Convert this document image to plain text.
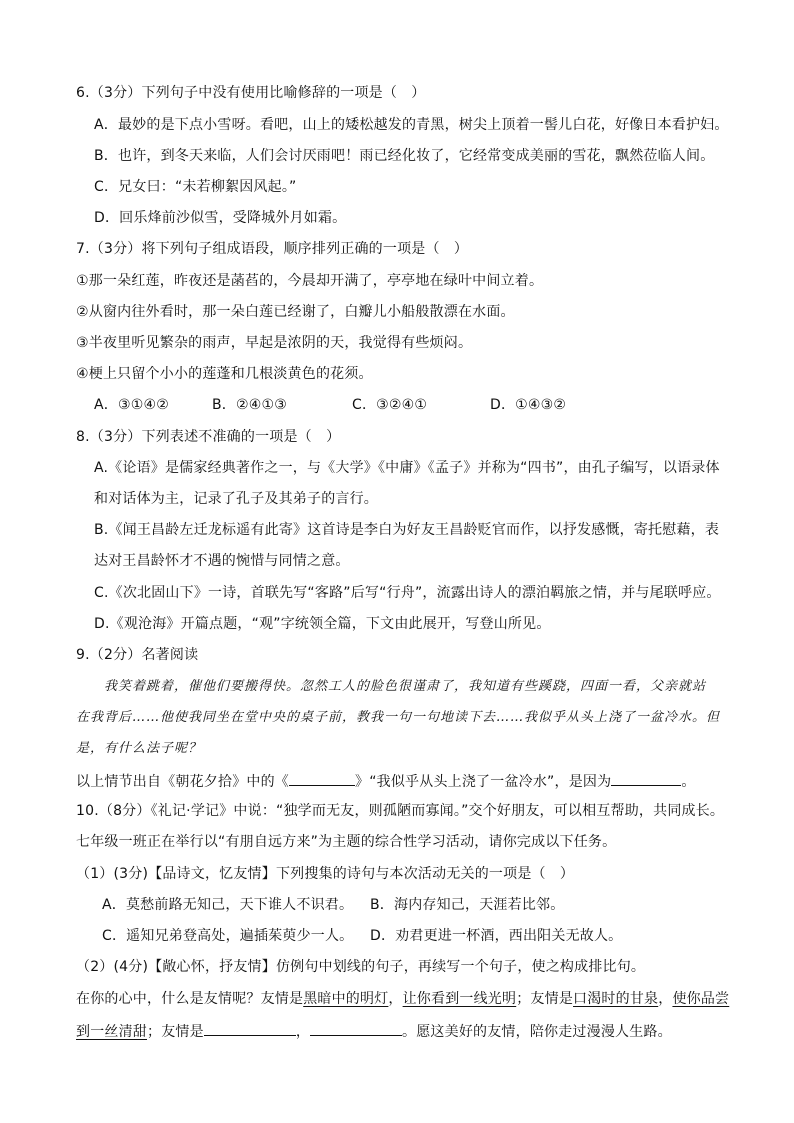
6.（3分）下列句子中没有使用比喻修辞的一项是（　）
A．最妙的是下点小雪呀。看吧，山上的矮松越发的青黑，树尖上顶着一髻儿白花，好像日本看护妇。
B．也许，到冬天来临，人们会讨厌雨吧！雨已经化妆了，它经常变成美丽的雪花，飘然莅临人间。
C．兄女曰：“未若柳絮因风起。”
D．回乐烽前沙似雪，受降城外月如霜。
7.（3分）将下列句子组成语段，顺序排列正确的一项是（　）
①那一朵红莲，昨夜还是菡萏的，今晨却开满了，亭亭地在绿叶中间立着。
②从窗内往外看时，那一朵白莲已经谢了，白瓣儿小船般散漂在水面。
③半夜里听见繁杂的雨声，早起是浓阴的天，我觉得有些烦闷。
④梗上只留个小小的莲蓬和几根淡黄色的花须。
A．③①④②	B．②④①③	C．③②④①	D．①④③②
8.（3分）下列表述不准确的一项是（　）
A.《论语》是儒家经典著作之一，与《大学》《中庸》《孟子》并称为“四书”，由孔子编写，以语录体
和对话体为主，记录了孔子及其弟子的言行。
B.《闻王昌龄左迁龙标遥有此寄》这首诗是李白为好友王昌龄贬官而作，以抒发感慨，寄托慰藉，表
达对王昌龄怀才不遇的惋惜与同情之意。
C.《次北固山下》一诗，首联先写“客路”后写“行舟”，流露出诗人的漂泊羁旅之情，并与尾联呼应。
D.《观沧海》开篇点题，“观”字统领全篇，下文由此展开，写登山所见。
9.（2分）名著阅读
我笑着跳着，催他们要搬得快。忽然工人的脸色很谨肃了，我知道有些蹊跷，四面一看，父亲就站
在我背后……他使我同坐在堂中央的桌子前，教我一句一句地读下去……我似乎从头上浇了一盆冷水。但
是，有什么法子呢？
以上情节出自《朝花夕拾》中的《	》“我似乎从头上浇了一盆冷水”，是因为	。
10.（8分）《礼记·学记》中说：“独学而无友，则孤陋而寡闻。”交个好朋友，可以相互帮助，共同成长。
七年级一班正在举行以“有朋自远方来”为主题的综合性学习活动，请你完成以下任务。
（1）(3分)【品诗文，忆友情】下列搜集的诗句与本次活动无关的一项是（　）
A．莫愁前路无知己，天下谁人不识君。 B．海内存知己，天涯若比邻。
C．遥知兄弟登高处，遍插茱萸少一人。 D．劝君更进一杯酒，西出阳关无故人。
（2）(4分)【敞心怀，抒友情】仿例句中划线的句子，再续写一个句子，使之构成排比句。
在你的心中，什么是友情呢？友情是黑暗中的明灯，让你看到一线光明；友情是口渴时的甘泉，使你品尝
到一丝清甜；友情是	，	。愿这美好的友情，陪你走过漫漫人生路。
